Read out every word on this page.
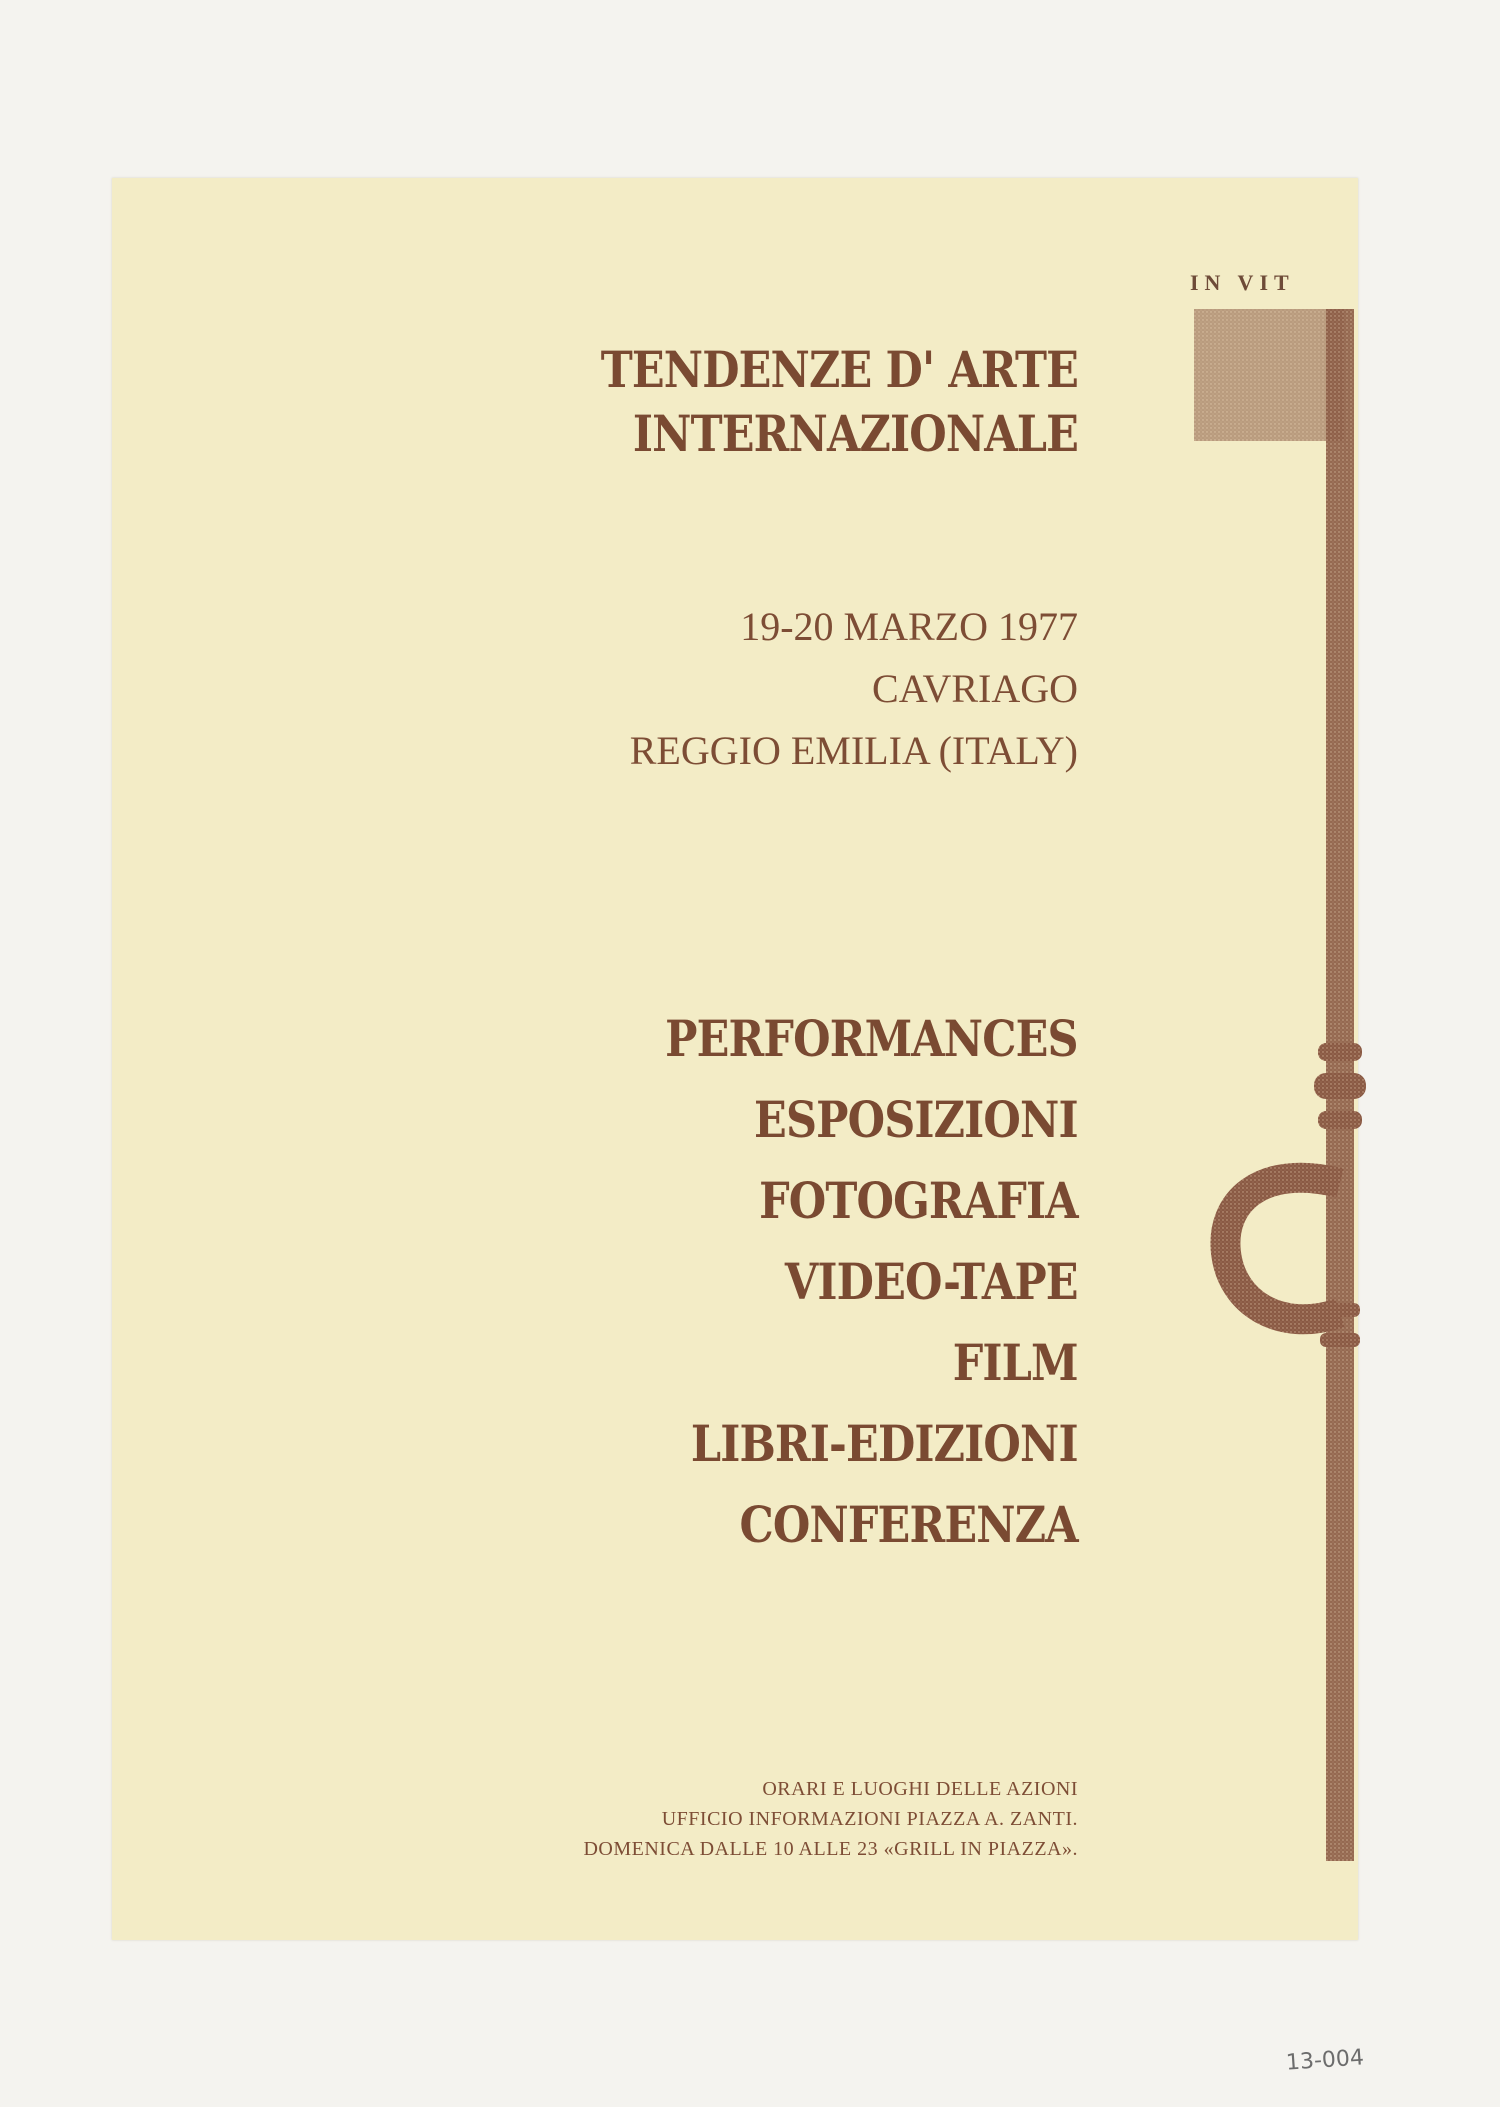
IN VIT
TENDENZE D' ARTE
INTERNAZIONALE
19-20 MARZO 1977
CAVRIAGO
REGGIO EMILIA (ITALY)
PERFORMANCES
ESPOSIZIONI
FOTOGRAFIA
VIDEO-TAPE
FILM
LIBRI-EDIZIONI
CONFERENZA
ORARI E LUOGHI DELLE AZIONI
UFFICIO INFORMAZIONI PIAZZA A. ZANTI.
DOMENICA DALLE 10 ALLE 23 «GRILL IN PIAZZA».
13-004
